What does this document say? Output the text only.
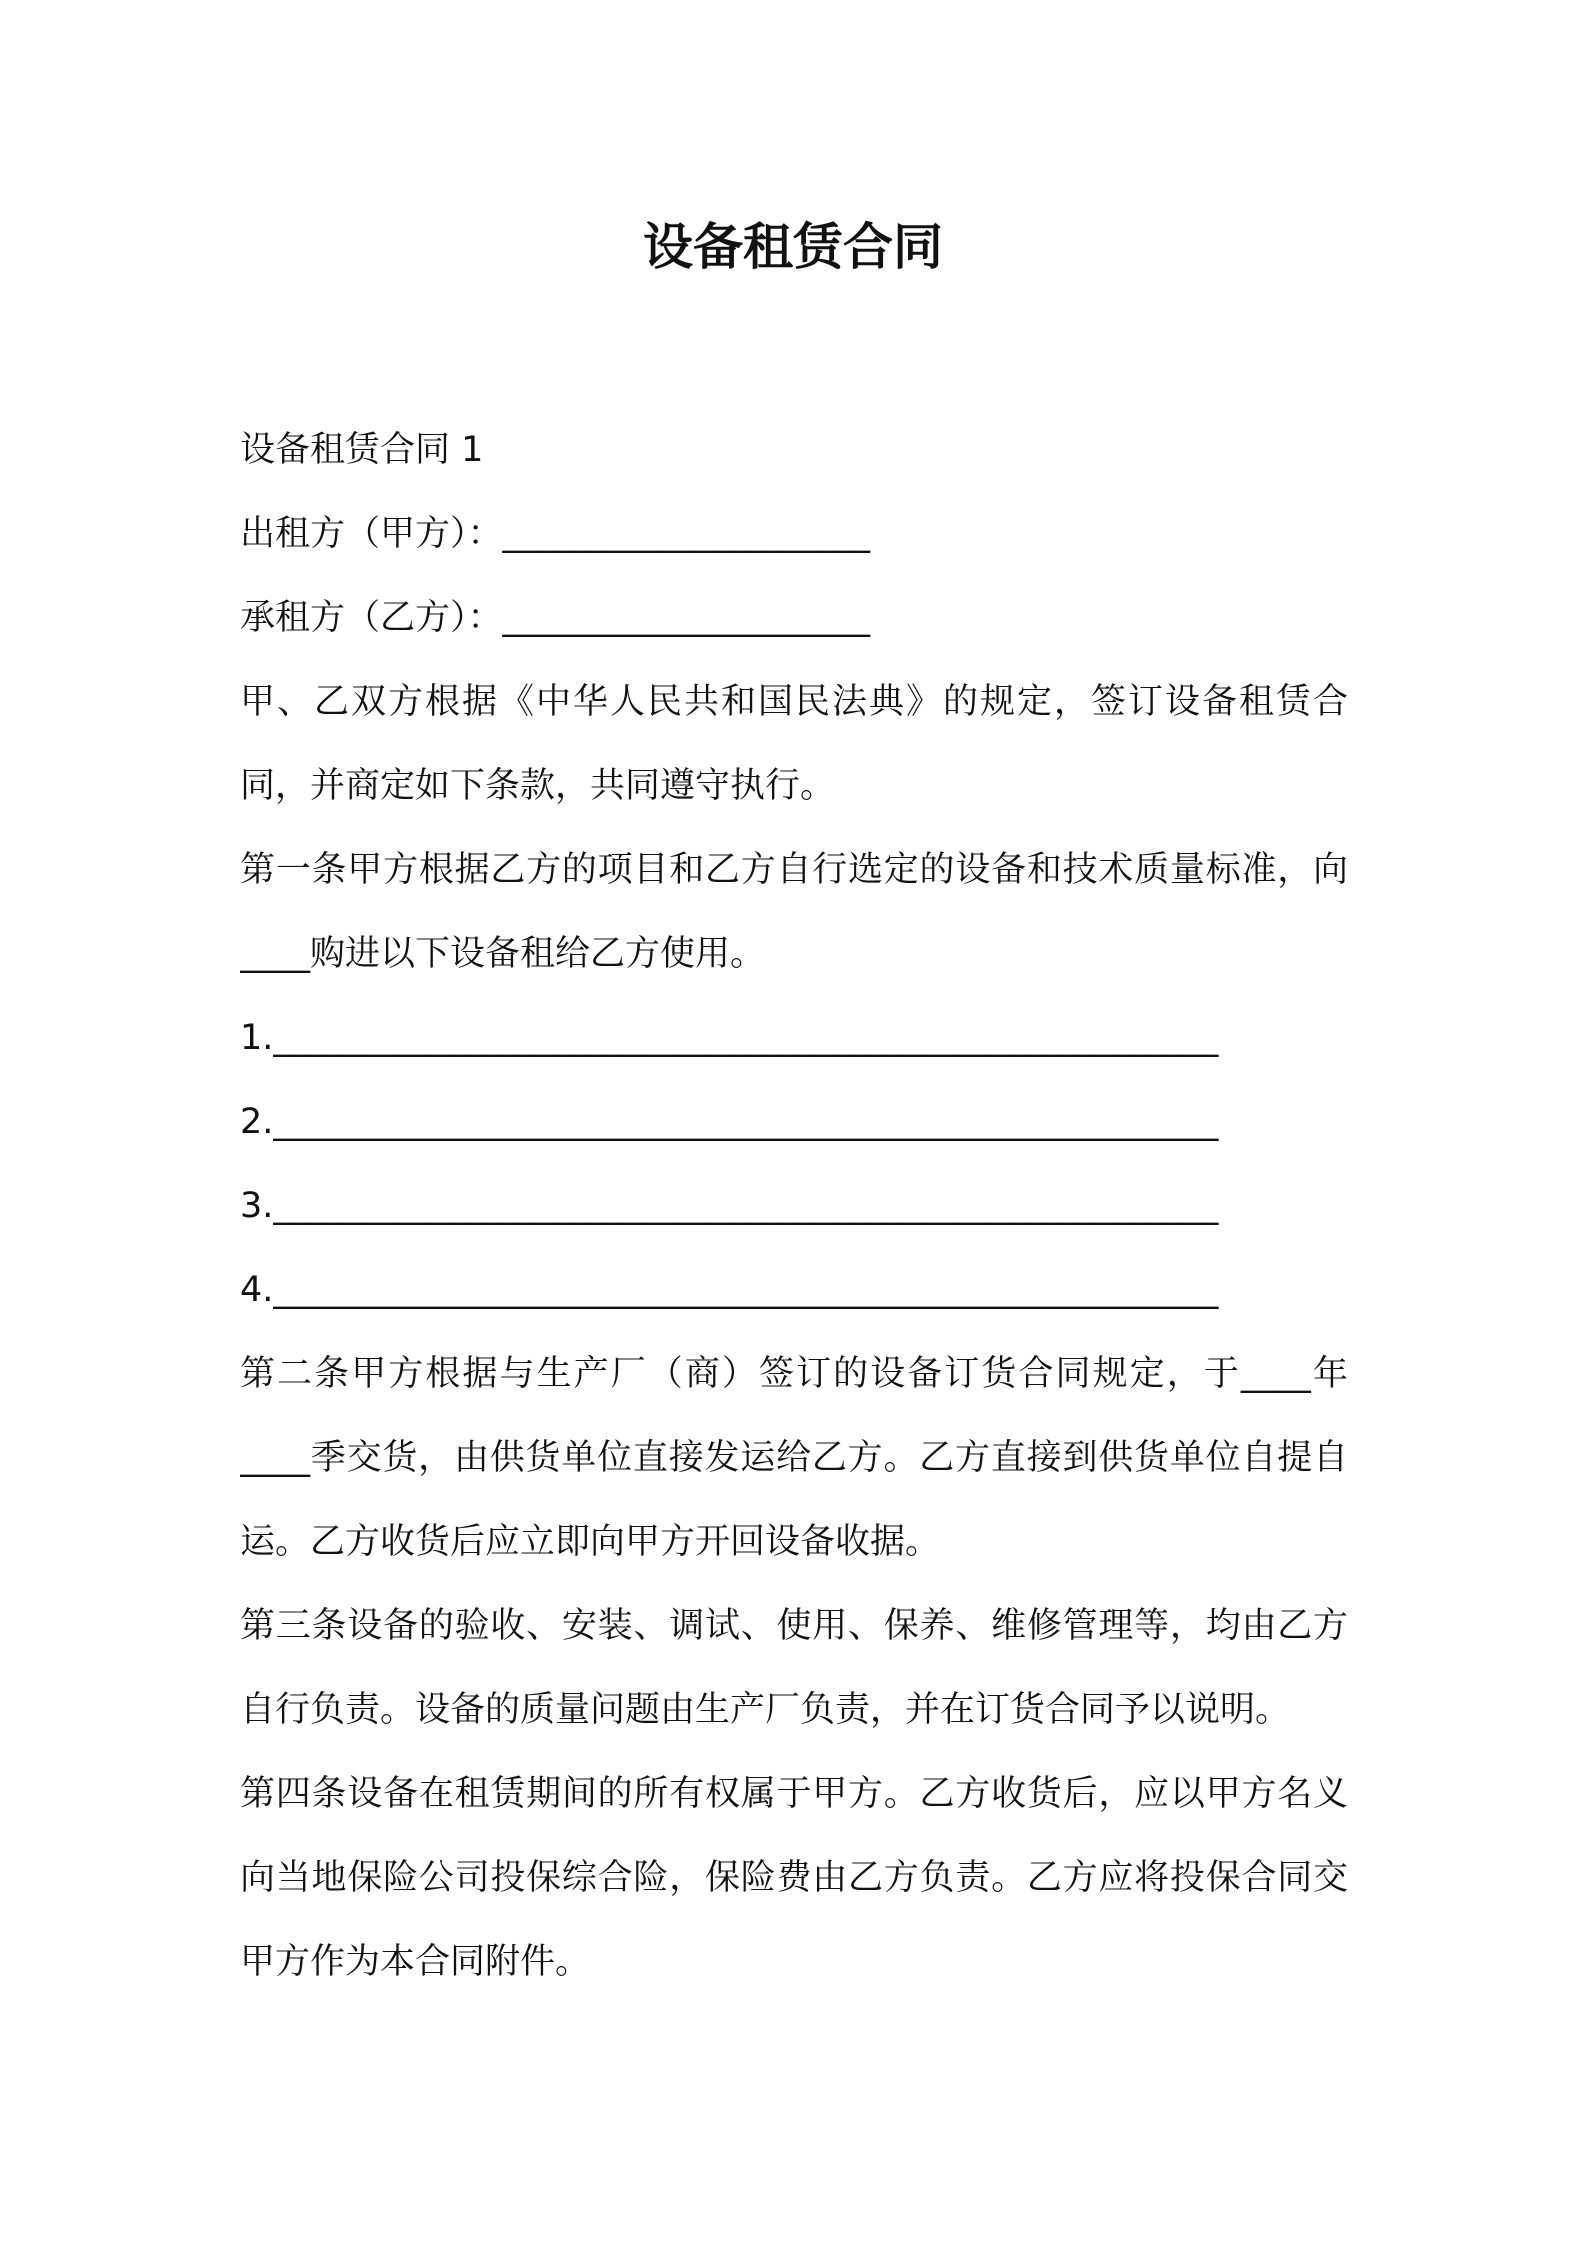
设备租赁合同

设备租赁合同 1

出租方（甲方）：_____________________

承租方（乙方）：_____________________

甲、乙双方根据《中华人民共和国民法典》的规定，签订设备租赁合同，并商定如下条款，共同遵守执行。

第一条甲方根据乙方的项目和乙方自行选定的设备和技术质量标准，向____购进以下设备租给乙方使用。

1.______________________________________________________

2.______________________________________________________

3.______________________________________________________

4.______________________________________________________

第二条甲方根据与生产厂（商）签订的设备订货合同规定，于____年____季交货，由供货单位直接发运给乙方。乙方直接到供货单位自提自运。乙方收货后应立即向甲方开回设备收据。

第三条设备的验收、安装、调试、使用、保养、维修管理等，均由乙方自行负责。设备的质量问题由生产厂负责，并在订货合同予以说明。

第四条设备在租赁期间的所有权属于甲方。乙方收货后，应以甲方名义向当地保险公司投保综合险，保险费由乙方负责。乙方应将投保合同交甲方作为本合同附件。
